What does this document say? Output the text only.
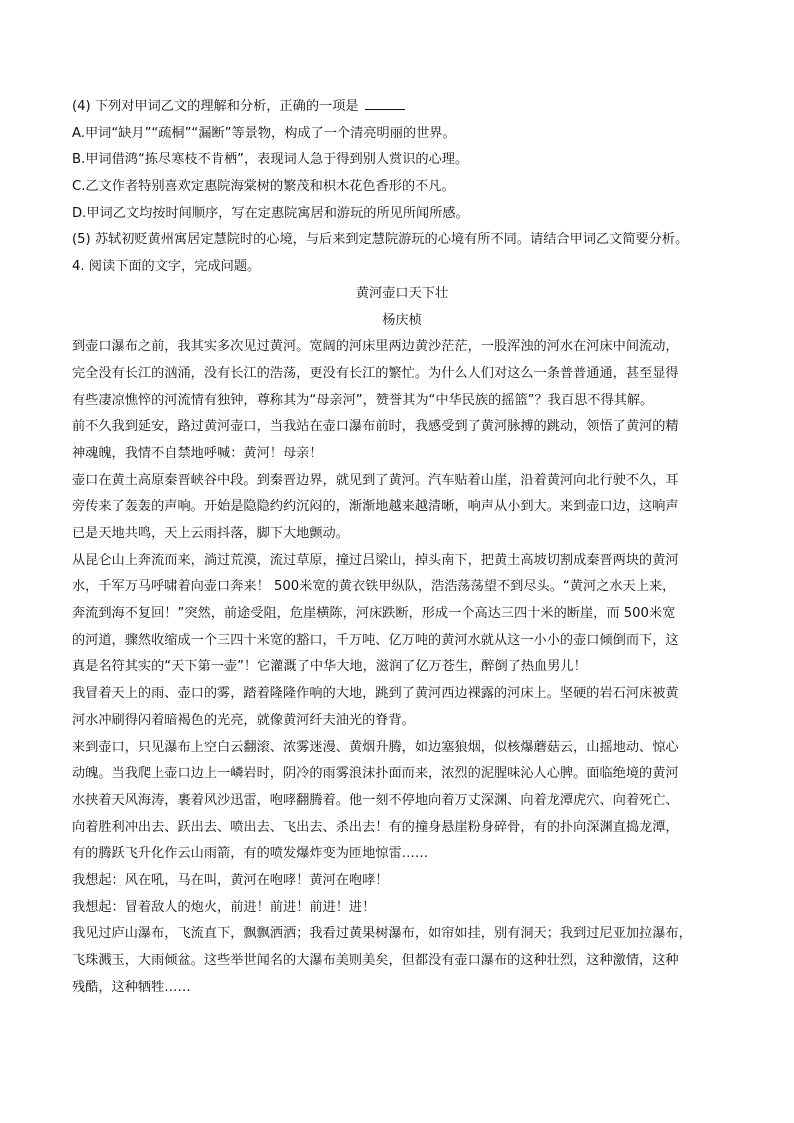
(4) 下列对甲词乙文的理解和分析，正确的一项是
A.甲词“缺月”“疏桐”“漏断”等景物，构成了一个清亮明丽的世界。
B.甲词借鸿“拣尽寒枝不肯栖”，表现词人急于得到别人赏识的心理。
C.乙文作者特别喜欢定惠院海棠树的繁茂和枳木花色香形的不凡。
D.甲词乙文均按时间顺序，写在定惠院寓居和游玩的所见所闻所感。
(5) 苏轼初贬黄州寓居定慧院时的心境，与后来到定慧院游玩的心境有所不同。请结合甲词乙文简要分析。
4. 阅读下面的文字，完成问题。
黄河壶口天下壮
杨庆桢
到壶口瀑布之前，我其实多次见过黄河。宽阔的河床里两边黄沙茫茫，一股浑浊的河水在河床中间流动，
完全没有长江的汹涌，没有长江的浩荡，更没有长江的繁忙。为什么人们对这么一条普普通通，甚至显得
有些凄凉憔悴的河流情有独钟，尊称其为“母亲河”，赞誉其为“中华民族的摇篮”？我百思不得其解。
前不久我到延安，路过黄河壶口，当我站在壶口瀑布前时，我感受到了黄河脉搏的跳动，领悟了黄河的精
神魂魄，我情不自禁地呼喊：黄河！母亲！
壶口在黄土高原秦晋峡谷中段。到秦晋边界，就见到了黄河。汽车贴着山崖，沿着黄河向北行驶不久，耳
旁传来了轰轰的声响。开始是隐隐约约沉闷的，渐渐地越来越清晰，响声从小到大。来到壶口边，这响声
已是天地共鸣，天上云雨抖落，脚下大地颤动。
从昆仑山上奔流而来，淌过荒漠，流过草原，撞过吕梁山，掉头南下，把黄土高坡切割成秦晋两块的黄河
水，千军万马呼啸着向壶口奔来！ 500米宽的黄衣铁甲纵队，浩浩荡荡望不到尽头。“黄河之水天上来，
奔流到海不复回！”突然，前途受阻，危崖横陈，河床跌断，形成一个高达三四十米的断崖，而 500米宽
的河道，骤然收缩成一个三四十米宽的豁口，千万吨、亿万吨的黄河水就从这一小小的壶口倾倒而下，这
真是名符其实的“天下第一壶”！它灌溉了中华大地，滋润了亿万苍生，醉倒了热血男儿！
我冒着天上的雨、壶口的雾，踏着隆隆作响的大地，跳到了黄河西边裸露的河床上。坚硬的岩石河床被黄
河水冲刷得闪着暗褐色的光亮，就像黄河纤夫油光的脊背。
来到壶口，只见瀑布上空白云翻滚、浓雾迷漫、黄烟升腾，如边塞狼烟，似核爆蘑菇云，山摇地动、惊心
动魄。当我爬上壶口边上一嶙岩时，阴冷的雨雾浪沫扑面而来，浓烈的泥腥味沁人心脾。面临绝境的黄河
水挟着天风海涛，裹着风沙迅雷，咆哮翻腾着。他一刻不停地向着万丈深渊、向着龙潭虎穴、向着死亡、
向着胜利冲出去、跃出去、喷出去、飞出去、杀出去！有的撞身悬崖粉身碎骨，有的扑向深渊直捣龙潭，
有的腾跃飞升化作云山雨箭，有的喷发爆炸变为匝地惊雷……
我想起：风在吼，马在叫，黄河在咆哮！黄河在咆哮！
我想起：冒着敌人的炮火，前进！前进！前进！进！
我见过庐山瀑布，飞流直下，飘飘洒洒；我看过黄果树瀑布，如帘如挂，别有洞天；我到过尼亚加拉瀑布，
飞珠溅玉，大雨倾盆。这些举世闻名的大瀑布美则美矣，但都没有壶口瀑布的这种壮烈，这种激情，这种
残酷，这种牺牲……
